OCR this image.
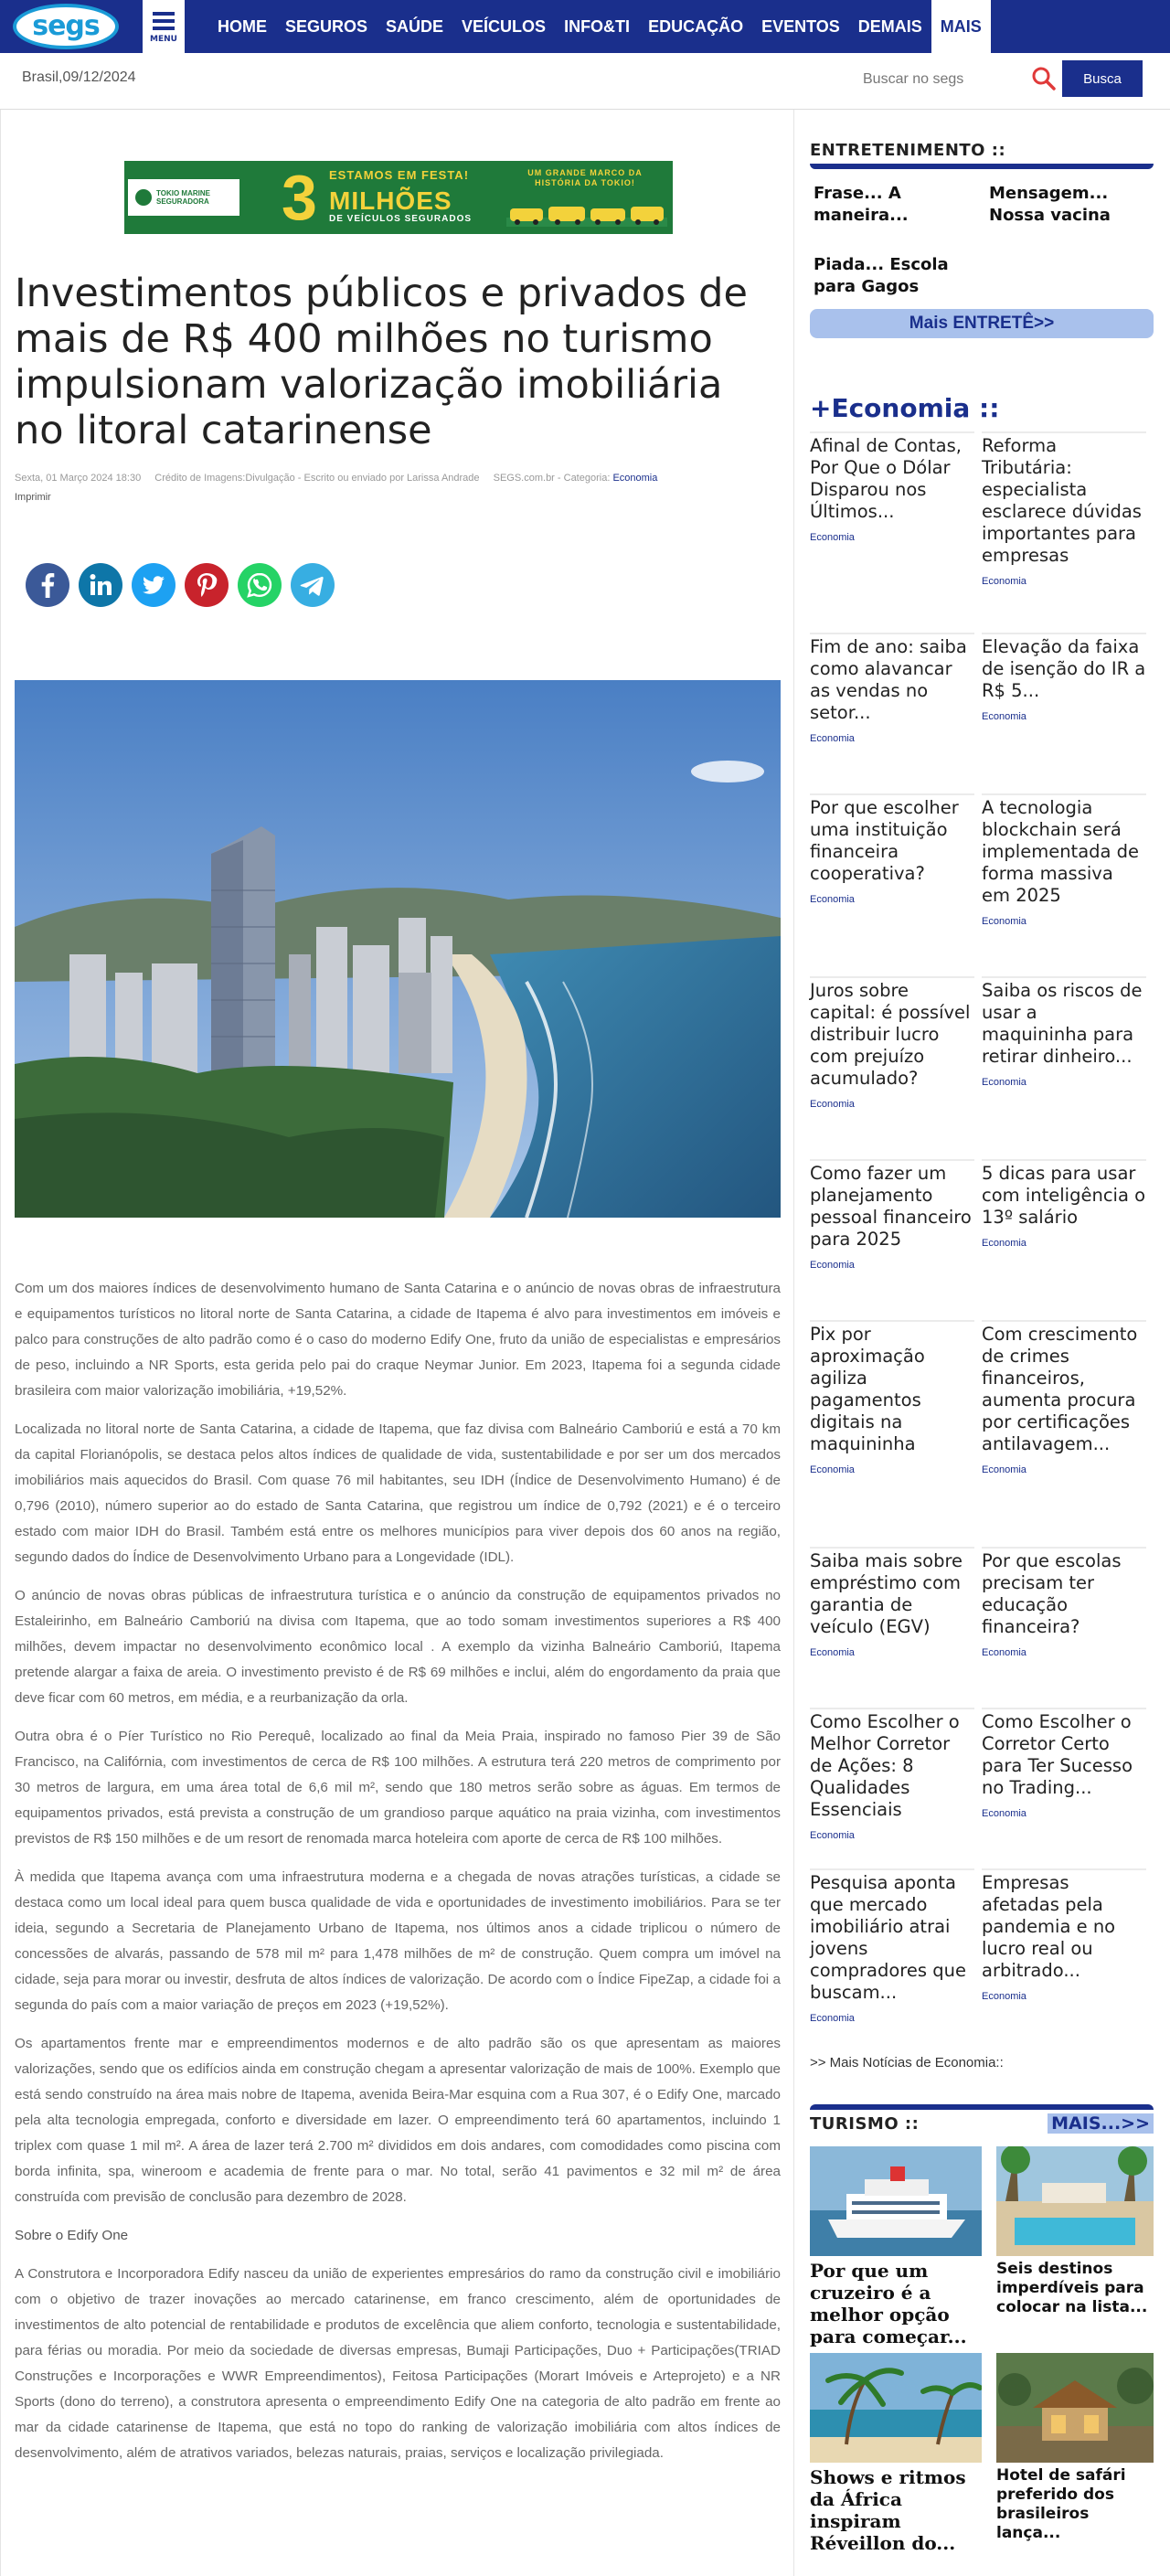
segs	MENU
HOME	SEGUROS	SAÚDE	VEÍCULOS	INFO&TI	EDUCAÇÃO	EVENTOS	DEMAIS	MAIS
Brasil,09/12/2024
Buscar no segs	Busca
TOKIO MARINE
SEGURADORA 3 ESTAMOS EM FESTA!
MILHÕES
DE VEÍCULOS SEGURADOS
UM GRANDE MARCO DA HISTÓRIA DA TOKIO!
Investimentos públicos e privados de mais de R$ 400 milhões no turismo impulsionam valorização imobiliária no litoral catarinense
Sexta, 01 Março 2024 18:30 Crédito de Imagens:Divulgação - Escrito ou enviado por Larissa Andrade SEGS.com.br - Categoria: Economia
Imprimir

Com um dos maiores índices de desenvolvimento humano de Santa Catarina e o anúncio de novas obras de infraestrutura e equipamentos turísticos no litoral norte de Santa Catarina, a cidade de Itapema é alvo para investimentos em imóveis e palco para construções de alto padrão como é o caso do moderno Edify One, fruto da união de especialistas e empresários de peso, incluindo a NR Sports, esta gerida pelo pai do craque Neymar Junior. Em 2023, Itapema foi a segunda cidade brasileira com maior valorização imobiliária, +19,52%.

Localizada no litoral norte de Santa Catarina, a cidade de Itapema, que faz divisa com Balneário Camboriú e está a 70 km da capital Florianópolis, se destaca pelos altos índices de qualidade de vida, sustentabilidade e por ser um dos mercados imobiliários mais aquecidos do Brasil. Com quase 76 mil habitantes, seu IDH (Índice de Desenvolvimento Humano) é de 0,796 (2010), número superior ao do estado de Santa Catarina, que registrou um índice de 0,792 (2021) e é o terceiro estado com maior IDH do Brasil. Também está entre os melhores municípios para viver depois dos 60 anos na região, segundo dados do Índice de Desenvolvimento Urbano para a Longevidade (IDL).

O anúncio de novas obras públicas de infraestrutura turística e o anúncio da construção de equipamentos privados no Estaleirinho, em Balneário Camboriú na divisa com Itapema, que ao todo somam investimentos superiores a R$ 400 milhões, devem impactar no desenvolvimento econômico local . A exemplo da vizinha Balneário Camboriú, Itapema pretende alargar a faixa de areia. O investimento previsto é de R$ 69 milhões e inclui, além do engordamento da praia que deve ficar com 60 metros, em média, e a reurbanização da orla.

Outra obra é o Píer Turístico no Rio Perequê, localizado ao final da Meia Praia, inspirado no famoso Pier 39 de São Francisco, na Califórnia, com investimentos de cerca de R$ 100 milhões. A estrutura terá 220 metros de comprimento por 30 metros de largura, em uma área total de 6,6 mil m², sendo que 180 metros serão sobre as águas. Em termos de equipamentos privados, está prevista a construção de um grandioso parque aquático na praia vizinha, com investimentos previstos de R$ 150 milhões e de um resort de renomada marca hoteleira com aporte de cerca de R$ 100 milhões.

À medida que Itapema avança com uma infraestrutura moderna e a chegada de novas atrações turísticas, a cidade se destaca como um local ideal para quem busca qualidade de vida e oportunidades de investimento imobiliários. Para se ter ideia, segundo a Secretaria de Planejamento Urbano de Itapema, nos últimos anos a cidade triplicou o número de concessões de alvarás, passando de 578 mil m² para 1,478 milhões de m² de construção. Quem compra um imóvel na cidade, seja para morar ou investir, desfruta de altos índices de valorização. De acordo com o Índice FipeZap, a cidade foi a segunda do país com a maior variação de preços em 2023 (+19,52%).

Os apartamentos frente mar e empreendimentos modernos e de alto padrão são os que apresentam as maiores valorizações, sendo que os edifícios ainda em construção chegam a apresentar valorização de mais de 100%. Exemplo que está sendo construído na área mais nobre de Itapema, avenida Beira-Mar esquina com a Rua 307, é o Edify One, marcado pela alta tecnologia empregada, conforto e diversidade em lazer. O empreendimento terá 60 apartamentos, incluindo 1 triplex com quase 1 mil m². A área de lazer terá 2.700 m² divididos em dois andares, com comodidades como piscina com borda infinita, spa, wineroom e academia de frente para o mar. No total, serão 41 pavimentos e 32 mil m² de área construída com previsão de conclusão para dezembro de 2028.

Sobre o Edify One

A Construtora e Incorporadora Edify nasceu da união de experientes empresários do ramo da construção civil e imobiliário com o objetivo de trazer inovações ao mercado catarinense, em franco crescimento, além de oportunidades de investimentos de alto potencial de rentabilidade e produtos de excelência que aliem conforto, tecnologia e sustentabilidade, para férias ou moradia. Por meio da sociedade de diversas empresas, Bumaji Participações, Duo + Participações(TRIAD Construções e Incorporações e WWR Empreendimentos), Feitosa Participações (Morart Imóveis e Arteprojeto) e a NR Sports (dono do terreno), a construtora apresenta o empreendimento Edify One na categoria de alto padrão em frente ao mar da cidade catarinense de Itapema, que está no topo do ranking de valorização imobiliária com altos índices de desenvolvimento, além de atrativos variados, belezas naturais, praias, serviços e localização privilegiada.

ENTRETENIMENTO ::
Frase... A maneira...
Mensagem... Nossa vacina
Piada... Escola para Gagos
Mais ENTRETÊ>>
+Economia ::
Afinal de Contas, Por Que o Dólar Disparou nos Últimos...
Economia
Reforma Tributária: especialista esclarece dúvidas importantes para empresas
Economia
Fim de ano: saiba como alavancar as vendas no setor...
Economia
Elevação da faixa de isenção do IR a R$ 5...
Economia
Por que escolher uma instituição financeira cooperativa?
Economia
A tecnologia blockchain será implementada de forma massiva em 2025
Economia
Juros sobre capital: é possível distribuir lucro com prejuízo acumulado?
Economia
Saiba os riscos de usar a maquininha para retirar dinheiro...
Economia
Como fazer um planejamento pessoal financeiro para 2025
Economia
5 dicas para usar com inteligência o 13º salário
Economia
Pix por aproximação agiliza pagamentos digitais na maquininha
Economia
Com crescimento de crimes financeiros, aumenta procura por certificações antilavagem...
Economia
Saiba mais sobre empréstimo com garantia de veículo (EGV)
Economia
Por que escolas precisam ter educação financeira?
Economia
Como Escolher o Melhor Corretor de Ações: 8 Qualidades Essenciais
Economia
Como Escolher o Corretor Certo para Ter Sucesso no Trading...
Economia
Pesquisa aponta que mercado imobiliário atrai jovens compradores que buscam...
Economia
Empresas afetadas pela pandemia e no lucro real ou arbitrado...
Economia
>> Mais Notícias de Economia::
TURISMO ::	MAIS...>>
Por que um cruzeiro é a melhor opção para começar...
Seis destinos imperdíveis para colocar na lista...
Shows e ritmos da África inspiram Réveillon do...
Hotel de safári preferido dos brasileiros lança...
